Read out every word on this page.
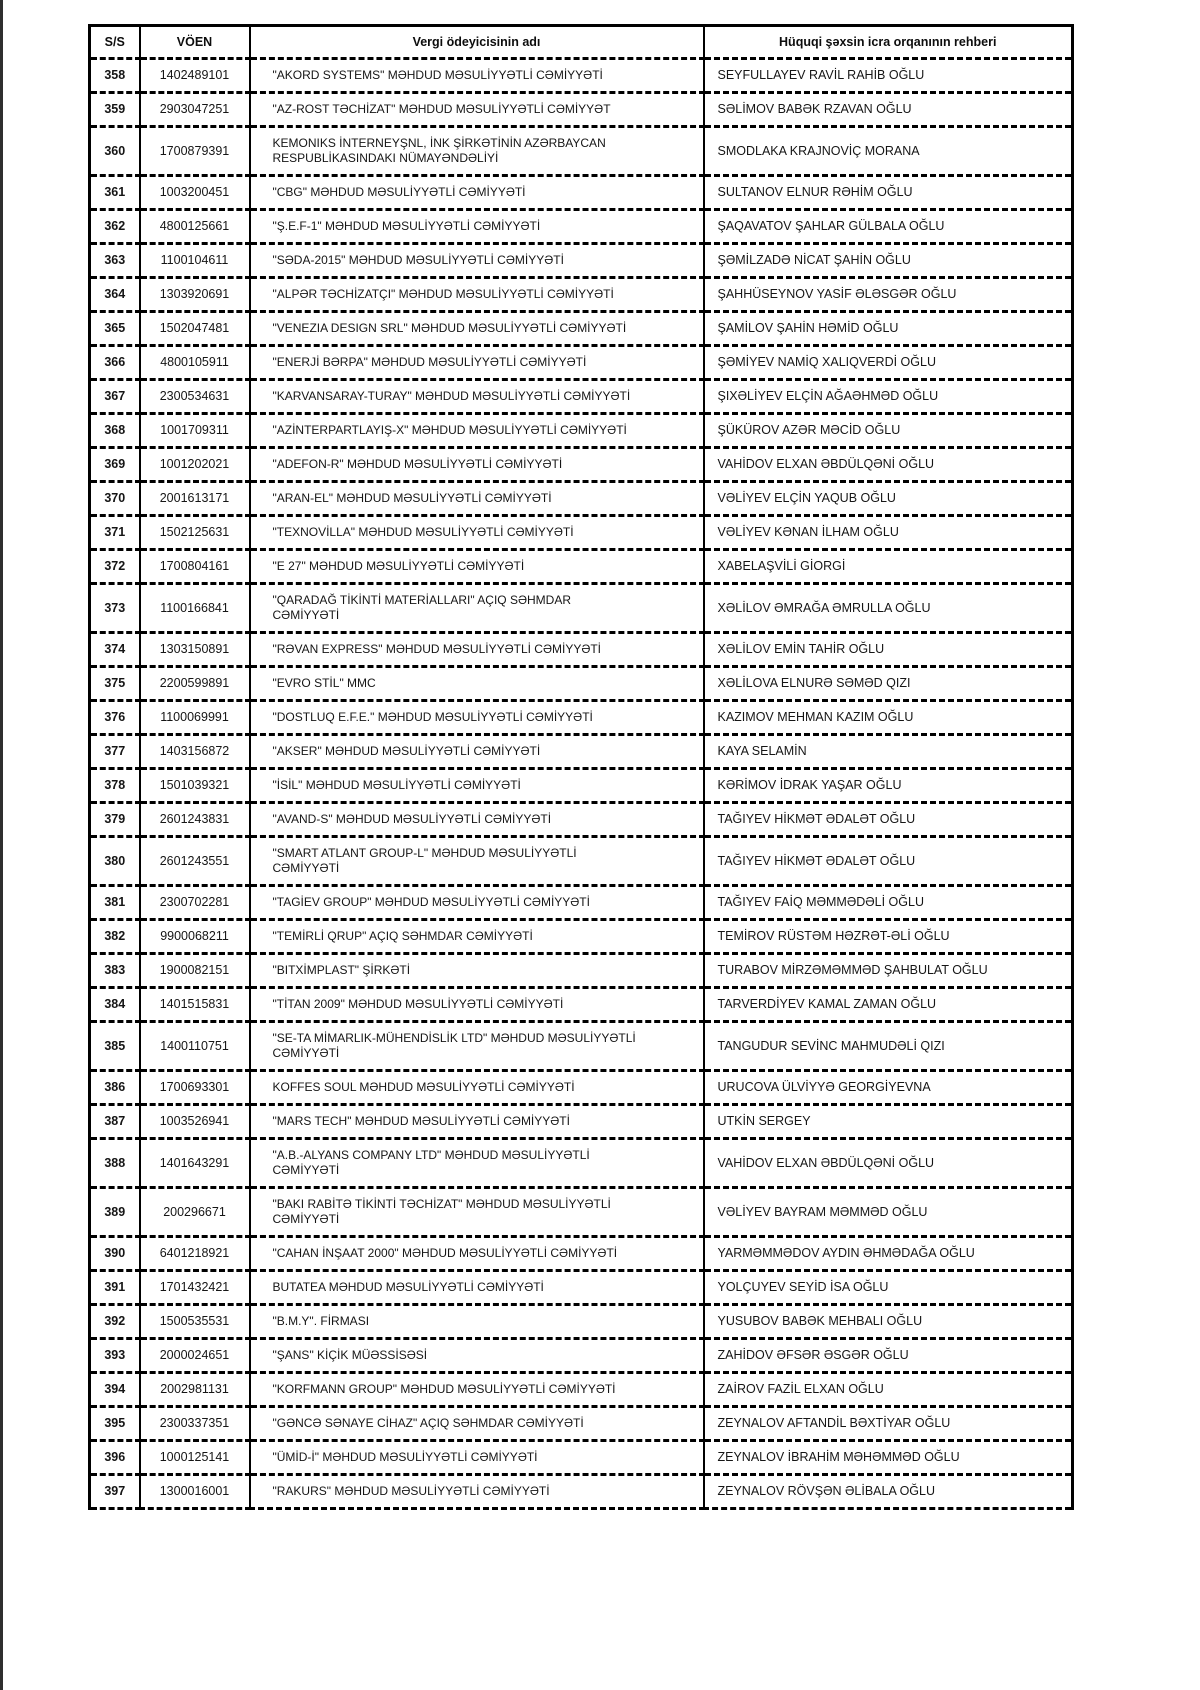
S/S	VÖEN	Vergi ödeyicisinin adı	Hüquqi şəxsin icra orqanının rehberi
358	1402489101	"AKORD SYSTEMS" MƏHDUD MƏSULİYYƏTLİ CƏMİYYƏTİ	SEYFULLAYEV RAVİL RAHİB OĞLU
359	2903047251	"AZ-ROST TƏCHİZAT" MƏHDUD MƏSULİYYƏTLİ CƏMİYYƏT	SƏLİMOV BABƏK RZAVAN OĞLU
360	1700879391	KEMONIKS İNTERNEYŞNL, İNK ŞİRKƏTİNİN AZƏRBAYCAN RESPUBLİKASINDAKI NÜMAYƏNDƏLİYİ	SMODLAKA KRAJNOVİÇ MORANA
361	1003200451	"CBG" MƏHDUD MƏSULİYYƏTLİ CƏMİYYƏTİ	SULTANOV ELNUR RƏHİM OĞLU
362	4800125661	"Ş.E.F-1" MƏHDUD MƏSULİYYƏTLİ CƏMİYYƏTİ	ŞAQAVATOV ŞAHLAR GÜLBALA OĞLU
363	1100104611	"SƏDA-2015" MƏHDUD MƏSULİYYƏTLİ CƏMİYYƏTİ	ŞƏMİLZADƏ NİCAT ŞAHİN OĞLU
364	1303920691	"ALPƏR TƏCHİZATÇI" MƏHDUD MƏSULİYYƏTLİ CƏMİYYƏTİ	ŞAHHÜSEYNOV YASİF ƏLƏSGƏR OĞLU
365	1502047481	"VENEZIA DESIGN SRL" MƏHDUD MƏSULİYYƏTLİ CƏMİYYƏTİ	ŞAMİLOV ŞAHİN HƏMİD OĞLU
366	4800105911	"ENERJİ BƏRPA" MƏHDUD MƏSULİYYƏTLİ CƏMİYYƏTİ	ŞƏMİYEV NAMİQ XALIQVERDİ OĞLU
367	2300534631	"KARVANSARAY-TURAY" MƏHDUD MƏSULİYYƏTLİ CƏMİYYƏTİ	ŞIXƏLİYEV ELÇİN AĞAƏHMƏD OĞLU
368	1001709311	"AZİNTERPARTLAYIŞ-X" MƏHDUD MƏSULİYYƏTLİ CƏMİYYƏTİ	ŞÜKÜROV AZƏR MƏCİD OĞLU
369	1001202021	"ADEFON-R" MƏHDUD MƏSULİYYƏTLİ CƏMİYYƏTİ	VAHİDOV ELXAN ƏBDÜLQƏNİ OĞLU
370	2001613171	"ARAN-EL" MƏHDUD MƏSULİYYƏTLİ CƏMİYYƏTİ	VƏLİYEV ELÇİN YAQUB OĞLU
371	1502125631	"TEXNOVİLLA" MƏHDUD MƏSULİYYƏTLİ CƏMİYYƏTİ	VƏLİYEV KƏNAN İLHAM OĞLU
372	1700804161	"E 27" MƏHDUD MƏSULİYYƏTLİ CƏMİYYƏTİ	XABELAŞVİLİ GİORGİ
373	1100166841	"QARADAĞ TİKİNTİ MATERİALLARI" AÇIQ SƏHMDAR CƏMİYYƏTİ	XƏLİLOV ƏMRAĞA ƏMRULLA OĞLU
374	1303150891	"RƏVAN EXPRESS" MƏHDUD MƏSULİYYƏTLİ CƏMİYYƏTİ	XƏLİLOV EMİN TAHİR OĞLU
375	2200599891	"EVRO STİL" MMC	XƏLİLOVA ELNURƏ SƏMƏD QIZI
376	1100069991	"DOSTLUQ E.F.E." MƏHDUD MƏSULİYYƏTLİ CƏMİYYƏTİ	KAZIMOV MEHMAN KAZIM OĞLU
377	1403156872	"AKSER" MƏHDUD MƏSULİYYƏTLİ CƏMİYYƏTİ	KAYA SELAMİN
378	1501039321	"İSİL" MƏHDUD MƏSULİYYƏTLİ CƏMİYYƏTİ	KƏRİMOV İDRAK YAŞAR OĞLU
379	2601243831	"AVAND-S" MƏHDUD MƏSULİYYƏTLİ CƏMİYYƏTİ	TAĞIYEV HİKMƏT ƏDALƏT OĞLU
380	2601243551	"SMART ATLANT GROUP-L" MƏHDUD MƏSULİYYƏTLİ CƏMİYYƏTİ	TAĞIYEV HİKMƏT ƏDALƏT OĞLU
381	2300702281	"TAGİEV GROUP" MƏHDUD MƏSULİYYƏTLİ CƏMİYYƏTİ	TAĞIYEV FAİQ MƏMMƏDƏLİ OĞLU
382	9900068211	"TEMİRLİ QRUP" AÇIQ SƏHMDAR CƏMİYYƏTİ	TEMİROV RÜSTƏM HƏZRƏT-ƏLİ OĞLU
383	1900082151	"BITXİMPLAST" ŞİRKƏTİ	TURABOV MİRZƏMƏMMƏD ŞAHBULAT OĞLU
384	1401515831	"TİTAN 2009" MƏHDUD MƏSULİYYƏTLİ CƏMİYYƏTİ	TARVERDİYEV KAMAL ZAMAN OĞLU
385	1400110751	"SE-TA MİMARLIK-MÜHENDİSLİK LTD" MƏHDUD MƏSULİYYƏTLİ CƏMİYYƏTİ	TANGUDUR SEVİNC MAHMUDƏLİ QIZI
386	1700693301	KOFFES SOUL MƏHDUD MƏSULİYYƏTLİ CƏMİYYƏTİ	URUCOVA ÜLVİYYƏ GEORGİYEVNA
387	1003526941	"MARS TECH" MƏHDUD MƏSULİYYƏTLİ CƏMİYYƏTİ	UTKİN SERGEY
388	1401643291	"A.B.-ALYANS COMPANY LTD" MƏHDUD MƏSULİYYƏTLİ CƏMİYYƏTİ	VAHİDOV ELXAN ƏBDÜLQƏNİ OĞLU
389	200296671	"BAKI RABİTƏ TİKİNTİ TƏCHİZAT" MƏHDUD MƏSULİYYƏTLİ CƏMİYYƏTİ	VƏLİYEV BAYRAM MƏMMƏD OĞLU
390	6401218921	"CAHAN İNŞAAT 2000" MƏHDUD MƏSULİYYƏTLİ CƏMİYYƏTİ	YARMƏMMƏDOV AYDIN ƏHMƏDAĞA OĞLU
391	1701432421	BUTATEA MƏHDUD MƏSULİYYƏTLİ CƏMİYYƏTİ	YOLÇUYEV SEYİD İSA OĞLU
392	1500535531	"B.M.Y". FİRMASI	YUSUBOV BABƏK MEHBALI OĞLU
393	2000024651	"ŞANS" KİÇİK MÜƏSSİSƏSİ	ZAHİDOV ƏFSƏR ƏSGƏR OĞLU
394	2002981131	"KORFMANN GROUP" MƏHDUD MƏSULİYYƏTLİ CƏMİYYƏTİ	ZAİROV FAZİL ELXAN OĞLU
395	2300337351	"GƏNCƏ SƏNAYE CİHAZ" AÇIQ SƏHMDAR CƏMİYYƏTİ	ZEYNALOV AFTANDİL BƏXTİYAR OĞLU
396	1000125141	"ÜMİD-İ" MƏHDUD MƏSULİYYƏTLİ CƏMİYYƏTİ	ZEYNALOV İBRAHİM MƏHƏMMƏD OĞLU
397	1300016001	"RAKURS" MƏHDUD MƏSULİYYƏTLİ CƏMİYYƏTİ	ZEYNALOV RÖVŞƏN ƏLİBALA OĞLU
